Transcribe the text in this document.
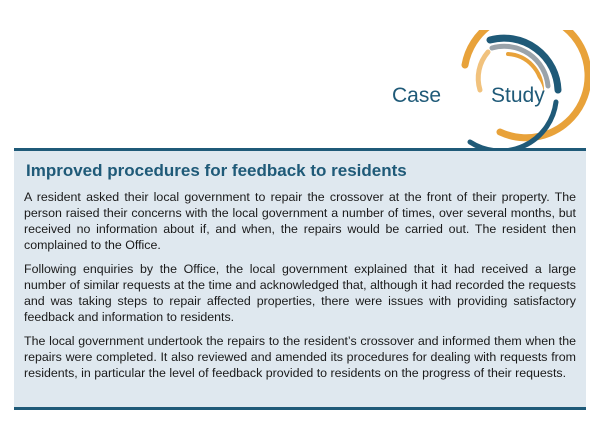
Case Study
Improved procedures for feedback to residents

A resident asked their local government to repair the crossover at the front of their property. The person raised their concerns with the local government a number of times, over several months, but received no information about if, and when, the repairs would be carried out. The resident then complained to the Office.

Following enquiries by the Office, the local government explained that it had received a large number of similar requests at the time and acknowledged that, although it had recorded the requests and was taking steps to repair affected properties, there were issues with providing satisfactory feedback and information to residents.

The local government undertook the repairs to the resident’s crossover and informed them when the repairs were completed. It also reviewed and amended its procedures for dealing with requests from residents, in particular the level of feedback provided to residents on the progress of their requests.
